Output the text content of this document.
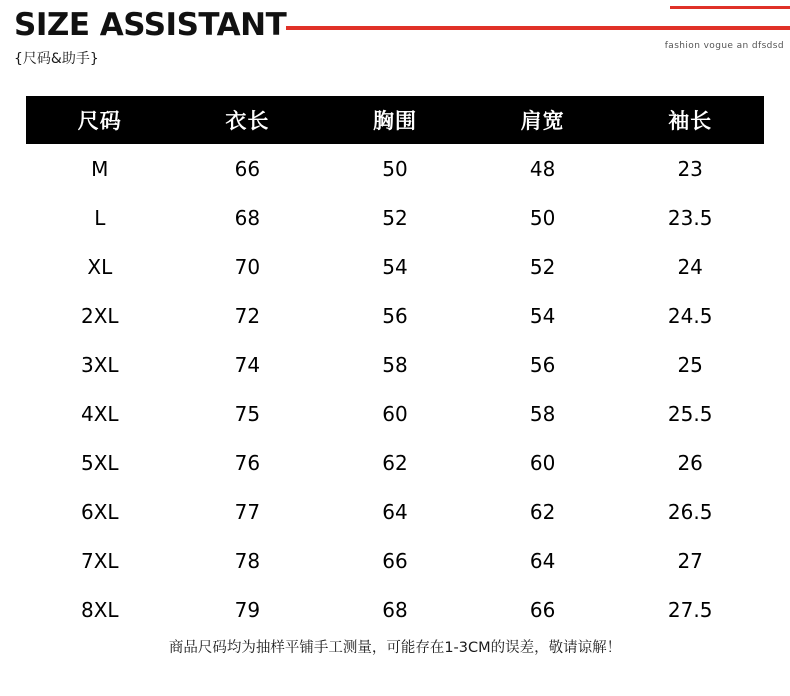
SIZE ASSISTANT
{尺码&助手}
fashion vogue an dfsdsd
尺码	衣长	胸围	肩宽	袖长
M	66	50	48	23
L	68	52	50	23.5
XL	70	54	52	24
2XL	72	56	54	24.5
3XL	74	58	56	25
4XL	75	60	58	25.5
5XL	76	62	60	26
6XL	77	64	62	26.5
7XL	78	66	64	27
8XL	79	68	66	27.5
商品尺码均为抽样平铺手工测量，可能存在1-3CM的误差，敬请谅解！
